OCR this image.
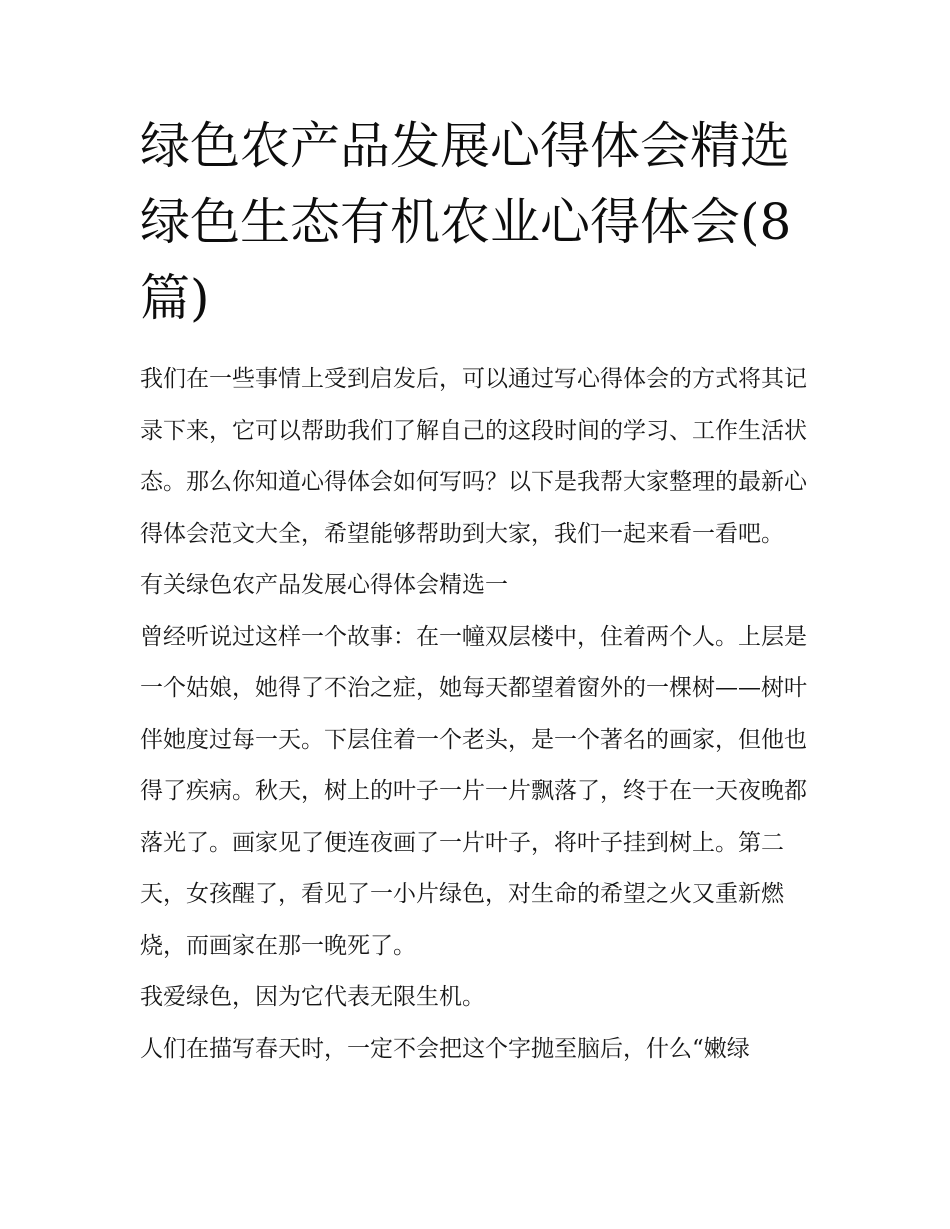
绿色农产品发展心得体会精选绿色生态有机农业心得体会(8篇)

我们在一些事情上受到启发后，可以通过写心得体会的方式将其记录下来，它可以帮助我们了解自己的这段时间的学习、工作生活状态。那么你知道心得体会如何写吗？以下是我帮大家整理的最新心得体会范文大全，希望能够帮助到大家，我们一起来看一看吧。

有关绿色农产品发展心得体会精选一

曾经听说过这样一个故事：在一幢双层楼中，住着两个人。上层是一个姑娘，她得了不治之症，她每天都望着窗外的一棵树——树叶伴她度过每一天。下层住着一个老头，是一个著名的画家，但他也得了疾病。秋天，树上的叶子一片一片飘落了，终于在一天夜晚都落光了。画家见了便连夜画了一片叶子，将叶子挂到树上。第二天，女孩醒了，看见了一小片绿色，对生命的希望之火又重新燃烧，而画家在那一晚死了。

我爱绿色，因为它代表无限生机。

人们在描写春天时，一定不会把这个字抛至脑后，什么“嫩绿
